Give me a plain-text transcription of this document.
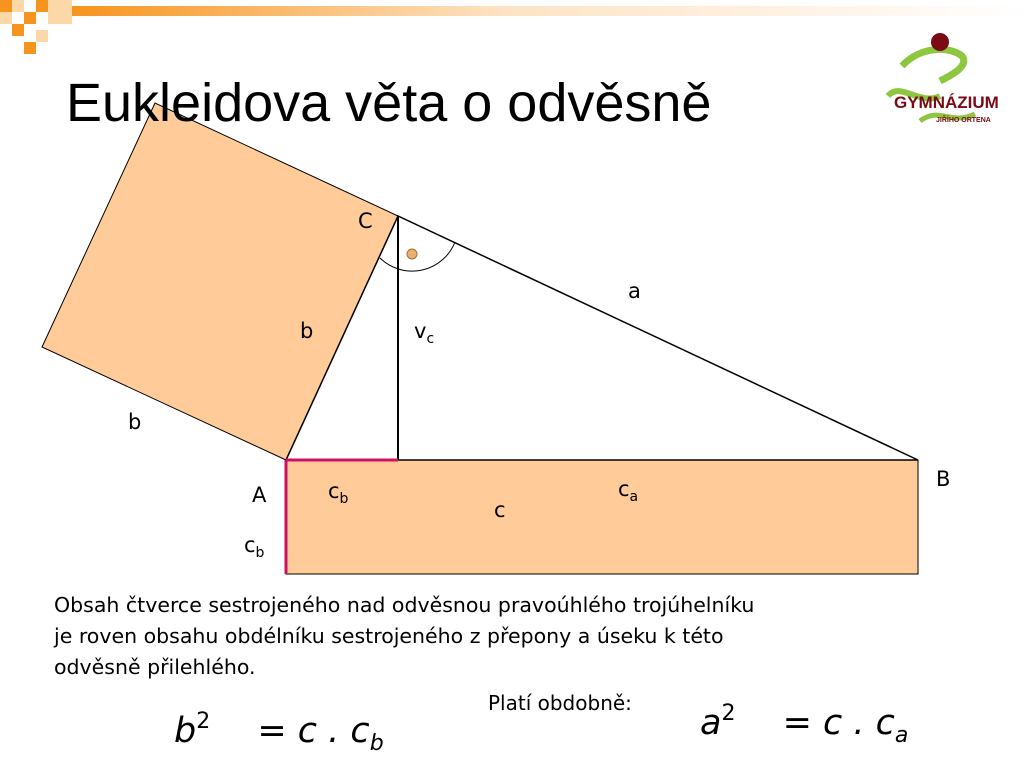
Eukleidova věta o odvěsně
C
A
B
a
b
b
$v_c$
$c_b$	$c_a$
c
$c_b$
Obsah čtverce sestrojeného nad odvěsnou pravoúhlého trojúhelníku
je roven obsahu obdélníku sestrojeného z přepony a úseku k této
odvěsně přilehlého.
$b^2 = c$ . $c_b$
Platí obdobně: $a^2 = c$ . $c_a$
GYMNÁZIUM
JIŘÍHO ORTENA
